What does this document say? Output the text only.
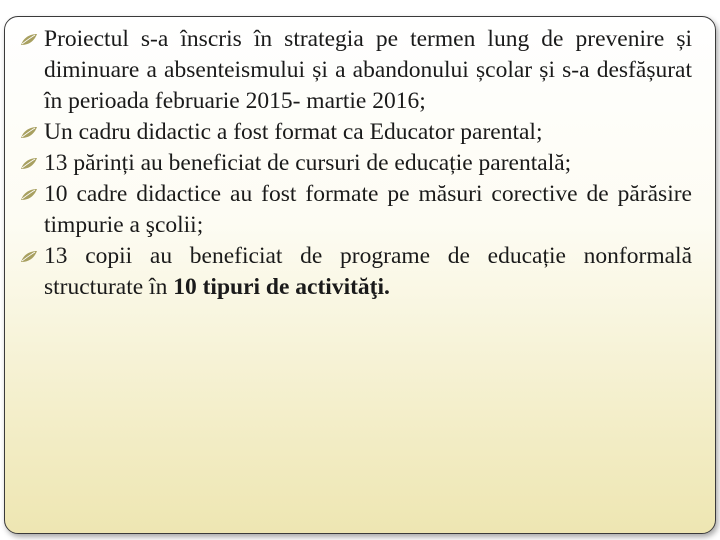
Proiectul s-a înscris în strategia pe termen lung de prevenire și diminuare a absenteismului și a abandonului școlar și s-a desfășurat în perioada februarie 2015- martie 2016;
Un cadru didactic a fost format ca Educator parental;
13 părinți au beneficiat de cursuri de educație parentală;
10 cadre didactice au fost formate pe măsuri corective de părăsire timpurie a şcolii;
13 copii au beneficiat de programe de educație nonformală structurate în 10 tipuri de activităţi.
